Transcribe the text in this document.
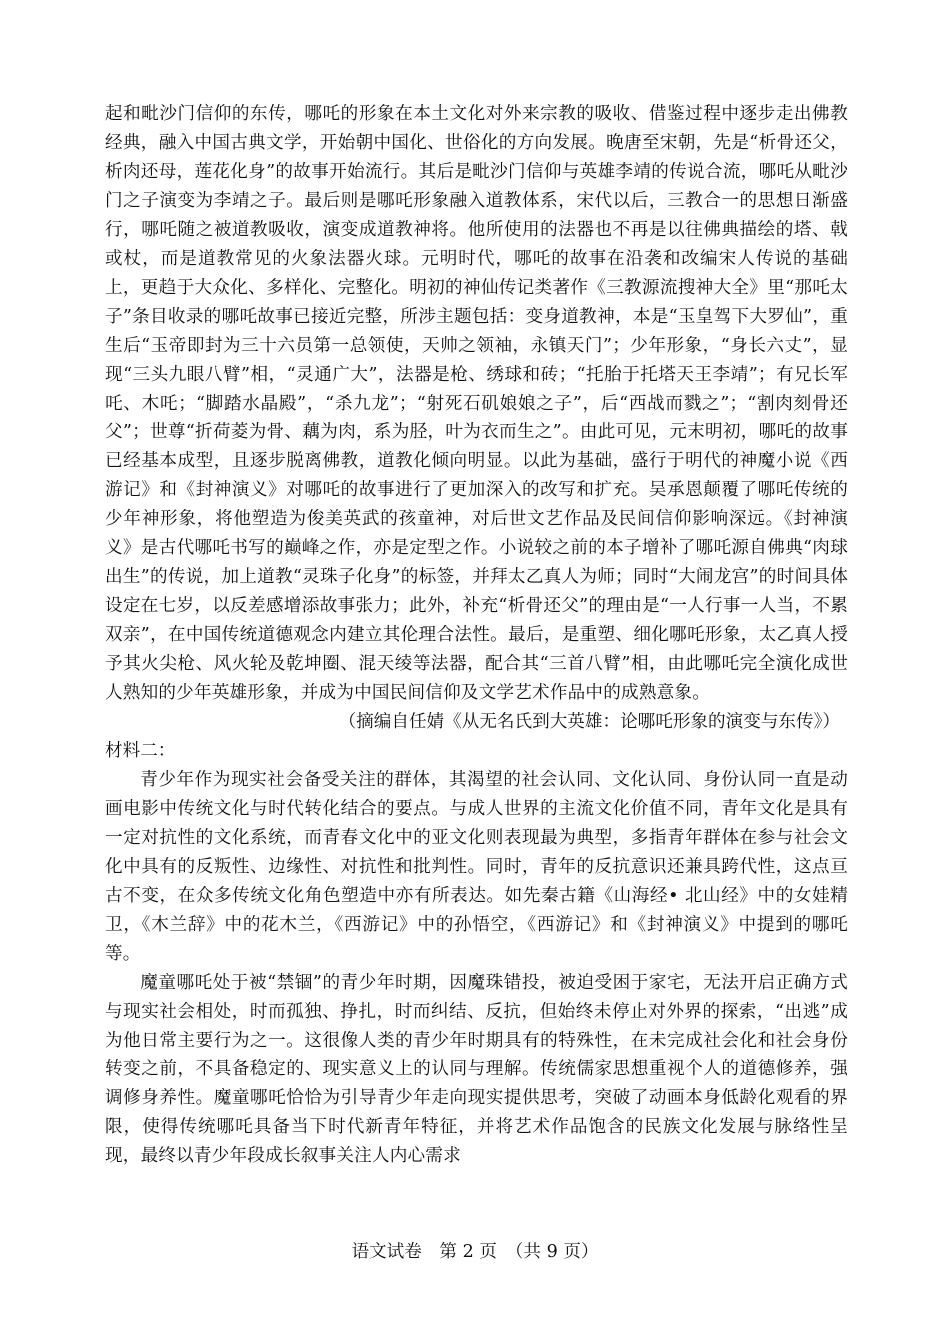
起和毗沙门信仰的东传，哪吒的形象在本土文化对外来宗教的吸收、借鉴过程中逐步走出佛教经典，融入中国古典文学，开始朝中国化、世俗化的方向发展。晚唐至宋朝，先是“析骨还父，析肉还母，莲花化身”的故事开始流行。其后是毗沙门信仰与英雄李靖的传说合流，哪吒从毗沙门之子演变为李靖之子。最后则是哪吒形象融入道教体系，宋代以后，三教合一的思想日渐盛行，哪吒随之被道教吸收，演变成道教神将。他所使用的法器也不再是以往佛典描绘的塔、戟或杖，而是道教常见的火象法器火球。元明时代，哪吒的故事在沿袭和改编宋人传说的基础上，更趋于大众化、多样化、完整化。明初的神仙传记类著作《三教源流搜神大全》里“那吒太子”条目收录的哪吒故事已接近完整，所涉主题包括：变身道教神，本是“玉皇驾下大罗仙”，重生后“玉帝即封为三十六员第一总领使，天帅之领袖，永镇天门”；少年形象，“身长六丈”，显现“三头九眼八臂”相，“灵通广大”，法器是枪、绣球和砖；“托胎于托塔天王李靖”；有兄长军吒、木吒；“脚踏水晶殿”，“杀九龙”；“射死石矶娘娘之子”，后“西战而戮之”；“割肉刻骨还父”；世尊“折荷菱为骨、藕为肉，系为胫，叶为衣而生之”。由此可见，元末明初，哪吒的故事已经基本成型，且逐步脱离佛教，道教化倾向明显。以此为基础，盛行于明代的神魔小说《西游记》和《封神演义》对哪吒的故事进行了更加深入的改写和扩充。吴承恩颠覆了哪吒传统的少年神形象，将他塑造为俊美英武的孩童神，对后世文艺作品及民间信仰影响深远。《封神演义》是古代哪吒书写的巅峰之作，亦是定型之作。小说较之前的本子增补了哪吒源自佛典“肉球出生”的传说，加上道教“灵珠子化身”的标签，并拜太乙真人为师；同时“大闹龙宫”的时间具体设定在七岁，以反差感增添故事张力；此外，补充“析骨还父”的理由是“一人行事一人当，不累双亲”，在中国传统道德观念内建立其伦理合法性。最后，是重塑、细化哪吒形象，太乙真人授予其火尖枪、风火轮及乾坤圈、混天绫等法器，配合其“三首八臂”相，由此哪吒完全演化成世人熟知的少年英雄形象，并成为中国民间信仰及文学艺术作品中的成熟意象。

（摘编自任婧《从无名氏到大英雄：论哪吒形象的演变与东传》）

材料二：

青少年作为现实社会备受关注的群体，其渴望的社会认同、文化认同、身份认同一直是动画电影中传统文化与时代转化结合的要点。与成人世界的主流文化价值不同，青年文化是具有一定对抗性的文化系统，而青春文化中的亚文化则表现最为典型，多指青年群体在参与社会文化中具有的反叛性、边缘性、对抗性和批判性。同时，青年的反抗意识还兼具跨代性，这点亘古不变，在众多传统文化角色塑造中亦有所表达。如先秦古籍《山海经• 北山经》中的女娃精卫，《木兰辞》中的花木兰，《西游记》中的孙悟空，《西游记》和《封神演义》中提到的哪吒等。

魔童哪吒处于被“禁锢”的青少年时期，因魔珠错投，被迫受困于家宅，无法开启正确方式与现实社会相处，时而孤独、挣扎，时而纠结、反抗，但始终未停止对外界的探索，“出逃”成为他日常主要行为之一。这很像人类的青少年时期具有的特殊性，在未完成社会化和社会身份转变之前，不具备稳定的、现实意义上的认同与理解。传统儒家思想重视个人的道德修养，强调修身养性。魔童哪吒恰恰为引导青少年走向现实提供思考，突破了动画本身低龄化观看的界限，使得传统哪吒具备当下时代新青年特征，并将艺术作品饱含的民族文化发展与脉络性呈现，最终以青少年段成长叙事关注人内心需求

语文试卷　第 2 页　（共 9 页）
